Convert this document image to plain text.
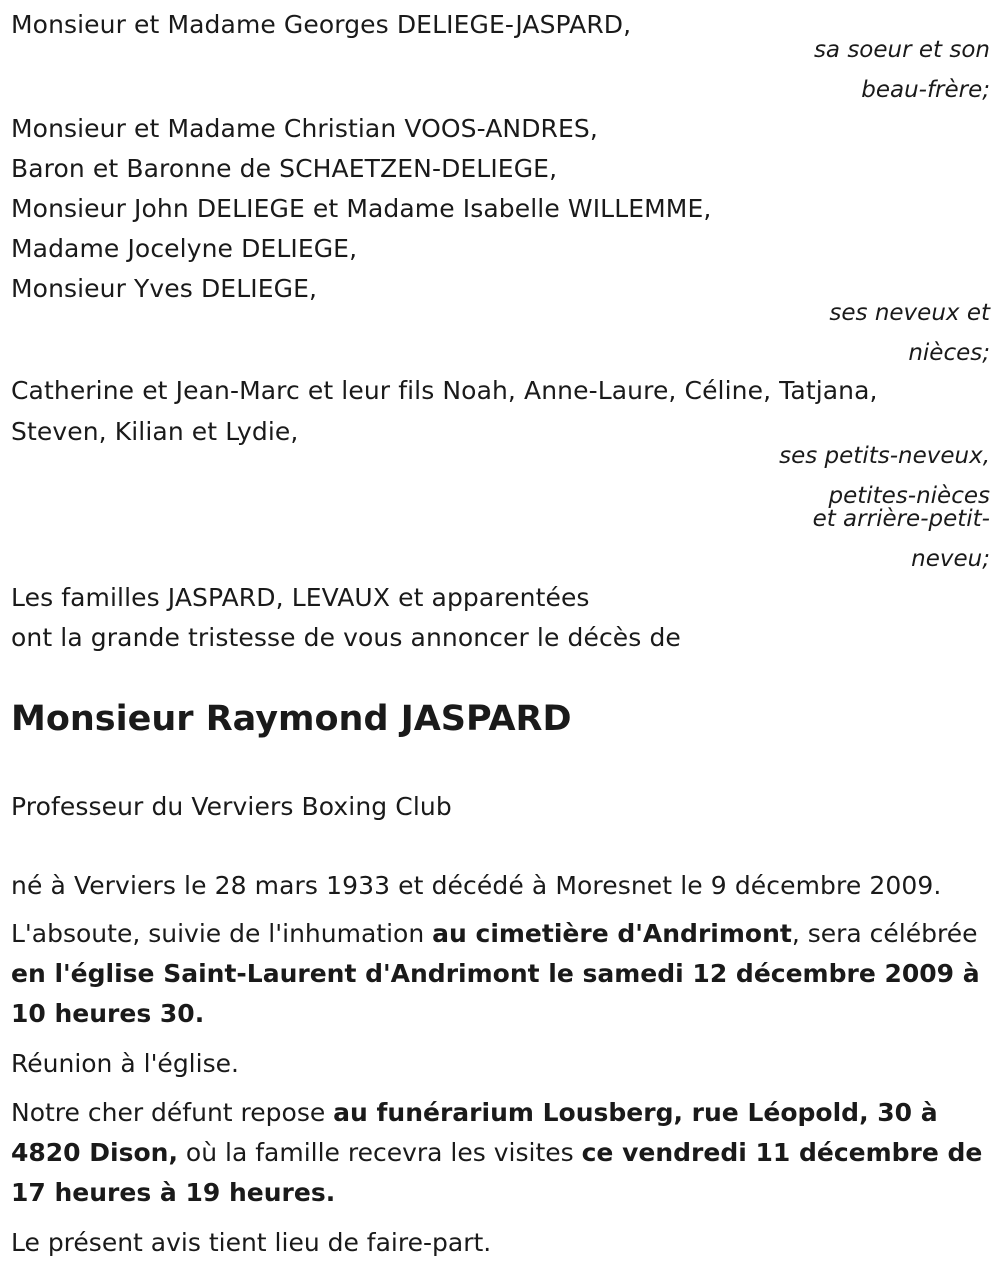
Monsieur et Madame Georges DELIEGE-JASPARD,

sa soeur et son

beau-frère;

Monsieur et Madame Christian VOOS-ANDRES,

Baron et Baronne de SCHAETZEN-DELIEGE,

Monsieur John DELIEGE et Madame Isabelle WILLEMME,

Madame Jocelyne DELIEGE,

Monsieur Yves DELIEGE,

ses neveux et

nièces;

Catherine et Jean-Marc et leur fils Noah, Anne-Laure, Céline, Tatjana,

Steven, Kilian et Lydie,

ses petits-neveux,

petites-nièces

et arrière-petit-

neveu;

Les familles JASPARD, LEVAUX et apparentées

ont la grande tristesse de vous annoncer le décès de

Monsieur Raymond JASPARD

Professeur du Verviers Boxing Club

né à Verviers le 28 mars 1933 et décédé à Moresnet le 9 décembre 2009.

L'absoute, suivie de l'inhumation au cimetière d'Andrimont, sera célébrée en l'église Saint-Laurent d'Andrimont le samedi 12 décembre 2009 à 10 heures 30.

Réunion à l'église.

Notre cher défunt repose au funérarium Lousberg, rue Léopold, 30 à 4820 Dison, où la famille recevra les visites ce vendredi 11 décembre de 17 heures à 19 heures.

Le présent avis tient lieu de faire-part.
